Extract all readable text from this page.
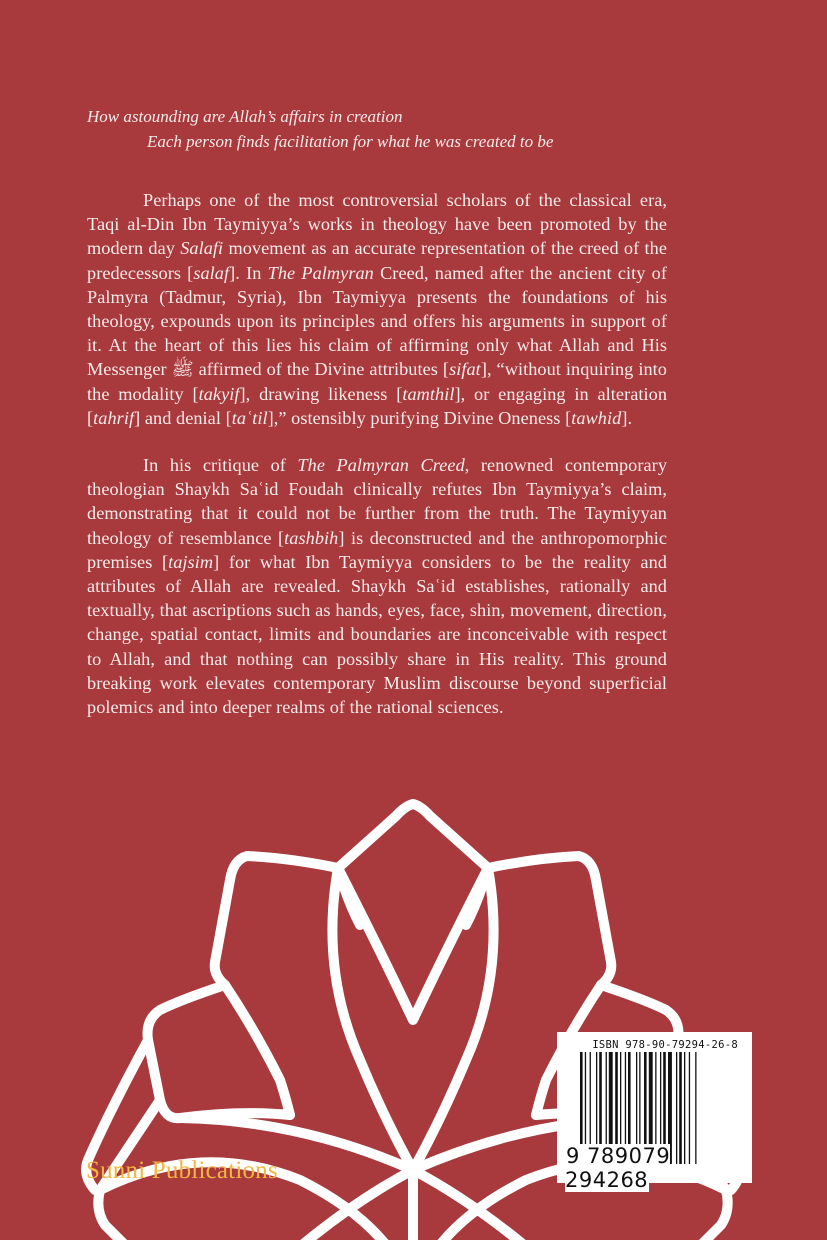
How astounding are Allah’s affairs in creation
Each person finds facilitation for what he was created to be

Perhaps one of the most controversial scholars of the classical era, Taqi al-Din Ibn Taymiyya’s works in theology have been promoted by the modern day Salafi movement as an accurate representation of the creed of the predecessors [salaf]. In The Palmyran Creed, named after the ancient city of Palmyra (Tadmur, Syria), Ibn Taymiyya presents the foundations of his theology, expounds upon its principles and offers his arguments in support of it. At the heart of this lies his claim of affirming only what Allah and His Messenger ﷺ affirmed of the Divine attributes [sifat], “without inquiring into the modality [takyif], drawing likeness [tamthil], or engaging in alteration [tahrif] and denial [taʿtil],” ostensibly purifying Divine Oneness [tawhid].

In his critique of The Palmyran Creed, renowned contemporary theologian Shaykh Saʿid Foudah clinically refutes Ibn Taymiyya’s claim, demonstrating that it could not be further from the truth. The Taymiyyan theology of resemblance [tashbih] is deconstructed and the anthropomorphic premises [tajsim] for what Ibn Taymiyya considers to be the reality and attributes of Allah are revealed. Shaykh Saʿid establishes, rationally and textually, that ascriptions such as hands, eyes, face, shin, movement, direction, change, spatial contact, limits and boundaries are inconceivable with respect to Allah, and that nothing can possibly share in His reality. This ground breaking work elevates contemporary Muslim discourse beyond superficial polemics and into deeper realms of the rational sciences.

ISBN 978-90-79294-26-8
9 789079 294268
Sunni Publications
